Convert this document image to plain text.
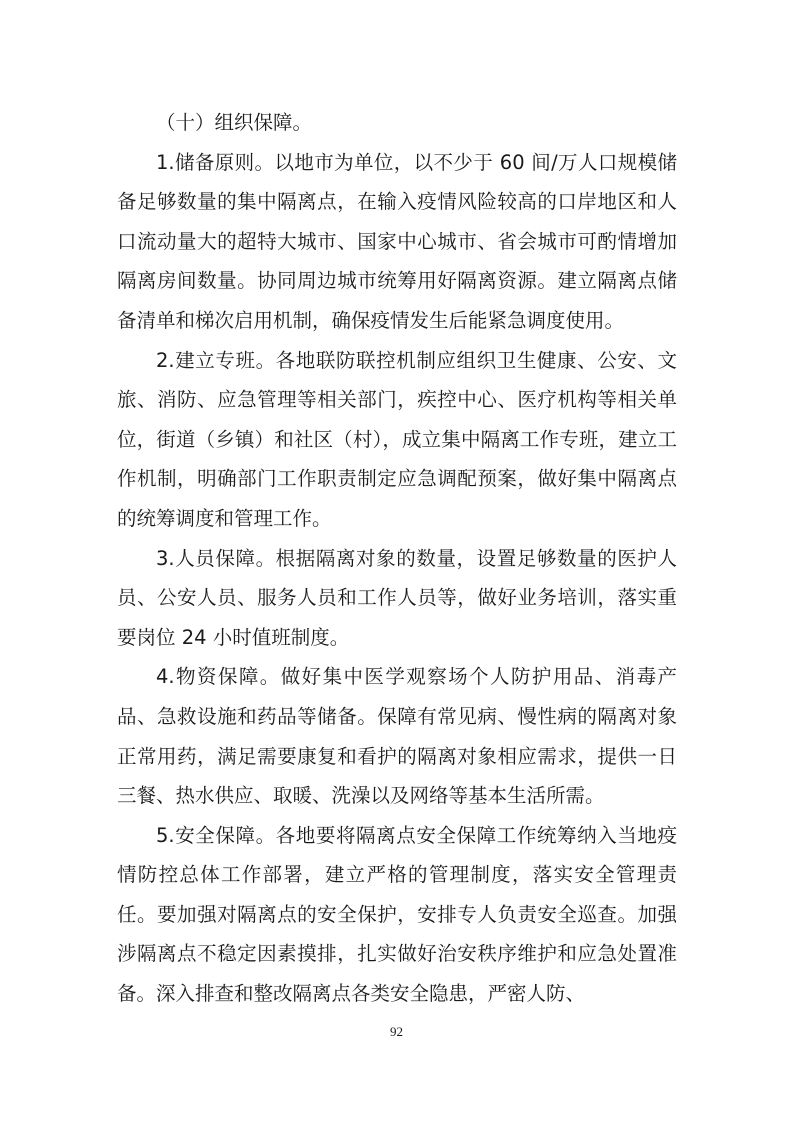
（十）组织保障。

1.储备原则。以地市为单位，以不少于 60 间/万人口规模储备足够数量的集中隔离点，在输入疫情风险较高的口岸地区和人口流动量大的超特大城市、国家中心城市、省会城市可酌情增加隔离房间数量。协同周边城市统筹用好隔离资源。建立隔离点储备清单和梯次启用机制，确保疫情发生后能紧急调度使用。

2.建立专班。各地联防联控机制应组织卫生健康、公安、文旅、消防、应急管理等相关部门，疾控中心、医疗机构等相关单位，街道（乡镇）和社区（村），成立集中隔离工作专班，建立工作机制，明确部门工作职责制定应急调配预案，做好集中隔离点的统筹调度和管理工作。

3.人员保障。根据隔离对象的数量，设置足够数量的医护人员、公安人员、服务人员和工作人员等，做好业务培训，落实重要岗位 24 小时值班制度。

4.物资保障。做好集中医学观察场个人防护用品、消毒产品、急救设施和药品等储备。保障有常见病、慢性病的隔离对象正常用药，满足需要康复和看护的隔离对象相应需求，提供一日三餐、热水供应、取暖、洗澡以及网络等基本生活所需。

5.安全保障。各地要将隔离点安全保障工作统筹纳入当地疫情防控总体工作部署，建立严格的管理制度，落实安全管理责任。要加强对隔离点的安全保护，安排专人负责安全巡查。加强涉隔离点不稳定因素摸排，扎实做好治安秩序维护和应急处置准备。深入排查和整改隔离点各类安全隐患，严密人防、

92
